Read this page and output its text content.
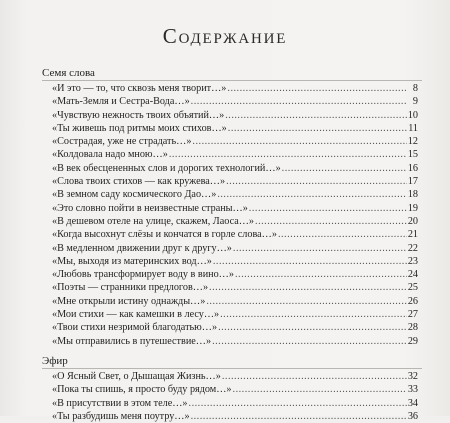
Содержание
Семя слова
«И это — то, что сквозь меня творит…» .....	8
«Мать-Земля и Сестра-Вода…» .....	9
«Чувствую нежность твоих объятий…» .....	10
«Ты живешь под ритмы моих стихов…» .....	11
«Сострадая, уже не страдать…» .....	12
«Колдовала надо мною…» .....	15
«В век обесцененных слов и дорогих технологий…» .....	16
«Слова твоих стихов — как кружева…» .....	17
«В земном саду космического Дао…» .....	18
«Это словно пойти в неизвестные страны…» .....	19
«В дешевом отеле на улице, скажем, Лаоса…» .....	20
«Когда высохнут слёзы и кончатся в горле слова…» .....	21
«В медленном движении друг к другу…» .....	22
«Мы, выходя из материнских вод…» .....	23
«Любовь трансформирует воду в вино…» .....	24
«Поэты — странники предлогов…» .....	25
«Мне открыли истину однажды…» .....	26
«Мои стихи — как камешки в лесу…» .....	27
«Твои стихи незримой благодатью…» .....	28
«Мы отправились в путешествие…» .....	29
Эфир
«О Ясный Свет, о Дышащая Жизнь…» .....	32
«Пока ты спишь, я просто буду рядом…» .....	33
«В присутствии в этом теле…» .....	34
«Ты разбудишь меня поутру…» .....	36
